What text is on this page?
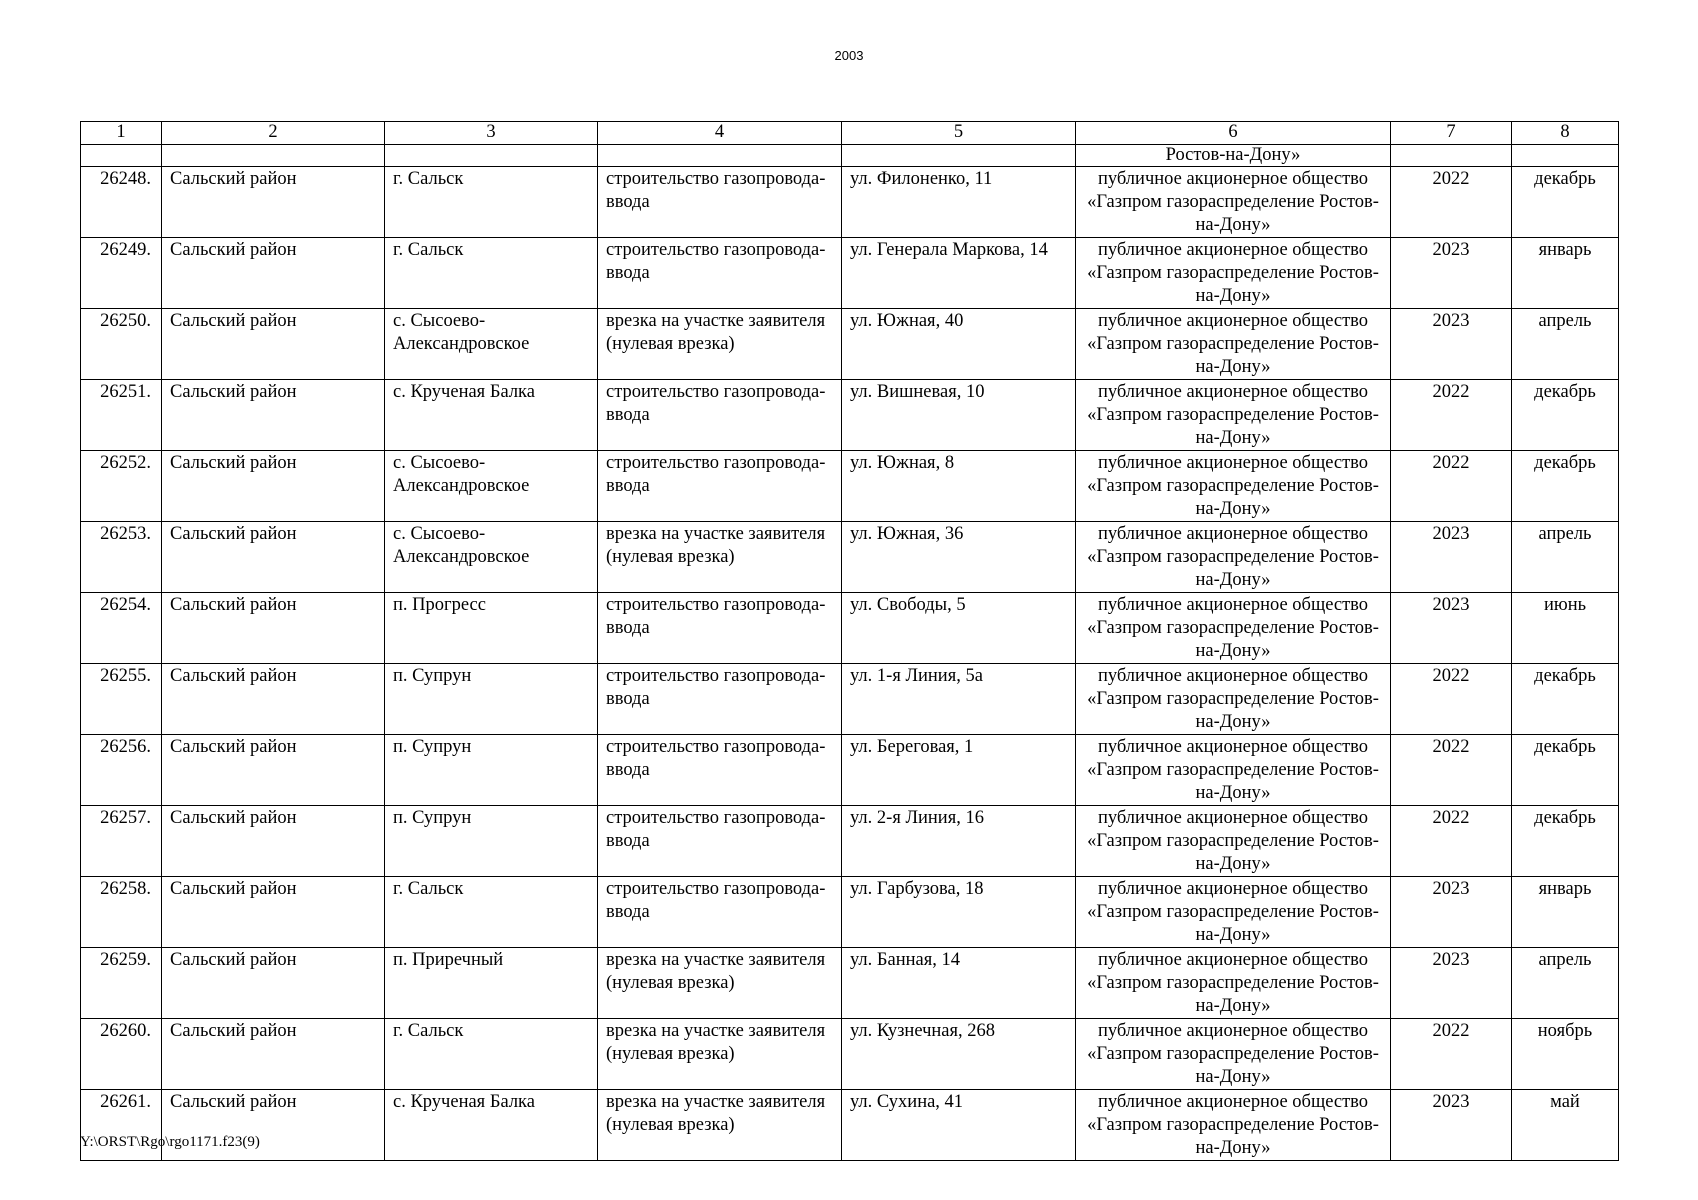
2003
1	2	3	4	5	6	7	8
					Ростов-на-Дону»		
26248.	Сальский район	г. Сальск	строительство газопровода-ввода	ул. Филоненко, 11	публичное акционерное общество «Газпром газораспределение Ростов-на-Дону»	2022	декабрь
26249.	Сальский район	г. Сальск	строительство газопровода-ввода	ул. Генерала Маркова, 14	публичное акционерное общество «Газпром газораспределение Ростов-на-Дону»	2023	январь
26250.	Сальский район	с. Сысоево-Александровское	врезка на участке заявителя (нулевая врезка)	ул. Южная, 40	публичное акционерное общество «Газпром газораспределение Ростов-на-Дону»	2023	апрель
26251.	Сальский район	с. Крученая Балка	строительство газопровода-ввода	ул. Вишневая, 10	публичное акционерное общество «Газпром газораспределение Ростов-на-Дону»	2022	декабрь
26252.	Сальский район	с. Сысоево-Александровское	строительство газопровода-ввода	ул. Южная, 8	публичное акционерное общество «Газпром газораспределение Ростов-на-Дону»	2022	декабрь
26253.	Сальский район	с. Сысоево-Александровское	врезка на участке заявителя (нулевая врезка)	ул. Южная, 36	публичное акционерное общество «Газпром газораспределение Ростов-на-Дону»	2023	апрель
26254.	Сальский район	п. Прогресс	строительство газопровода-ввода	ул. Свободы, 5	публичное акционерное общество «Газпром газораспределение Ростов-на-Дону»	2023	июнь
26255.	Сальский район	п. Супрун	строительство газопровода-ввода	ул. 1-я Линия, 5а	публичное акционерное общество «Газпром газораспределение Ростов-на-Дону»	2022	декабрь
26256.	Сальский район	п. Супрун	строительство газопровода-ввода	ул. Береговая, 1	публичное акционерное общество «Газпром газораспределение Ростов-на-Дону»	2022	декабрь
26257.	Сальский район	п. Супрун	строительство газопровода-ввода	ул. 2-я Линия, 16	публичное акционерное общество «Газпром газораспределение Ростов-на-Дону»	2022	декабрь
26258.	Сальский район	г. Сальск	строительство газопровода-ввода	ул. Гарбузова, 18	публичное акционерное общество «Газпром газораспределение Ростов-на-Дону»	2023	январь
26259.	Сальский район	п. Приречный	врезка на участке заявителя (нулевая врезка)	ул. Банная, 14	публичное акционерное общество «Газпром газораспределение Ростов-на-Дону»	2023	апрель
26260.	Сальский район	г. Сальск	врезка на участке заявителя (нулевая врезка)	ул. Кузнечная, 268	публичное акционерное общество «Газпром газораспределение Ростов-на-Дону»	2022	ноябрь
26261.	Сальский район	с. Крученая Балка	врезка на участке заявителя (нулевая врезка)	ул. Сухина, 41	публичное акционерное общество «Газпром газораспределение Ростов-на-Дону»	2023	май
Y:\ORST\Rgo\rgo1171.f23(9)
